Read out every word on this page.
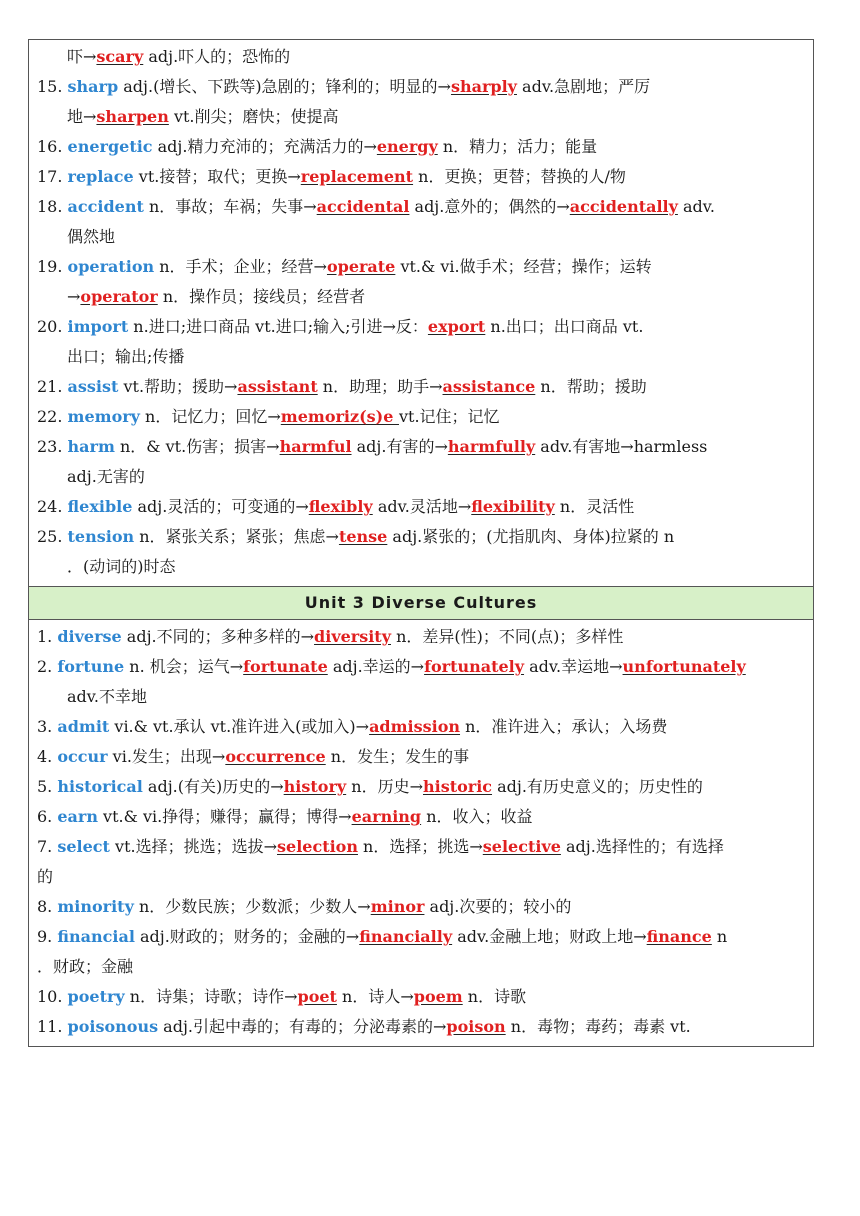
吓→scary adj.吓人的；恐怖的
15. sharp adj.(增长、下跌等)急剧的；锋利的；明显的→sharply adv.急剧地；严厉
地→sharpen vt.削尖；磨快；使提高
16. energetic adj.精力充沛的；充满活力的→energy n．精力；活力；能量
17. replace vt.接替；取代；更换→replacement n．更换；更替；替换的人/物
18. accident n．事故；车祸；失事→accidental adj.意外的；偶然的→accidentally adv.
偶然地
19. operation n．手术；企业；经营→operate vt.& vi.做手术；经营；操作；运转
→operator n．操作员；接线员；经营者
20. import n.进口;进口商品 vt.进口;输入;引进→反：export n.出口；出口商品 vt.
出口；输出;传播
21. assist vt.帮助；援助→assistant n．助理；助手→assistance n．帮助；援助
22. memory n．记忆力；回忆→memoriz(s)e vt.记住；记忆
23. harm n．& vt.伤害；损害→harmful adj.有害的→harmfully adv.有害地→harmless
adj.无害的
24. flexible adj.灵活的；可变通的→flexibly adv.灵活地→flexibility n．灵活性
25. tension n．紧张关系；紧张；焦虑→tense adj.紧张的；(尤指肌肉、身体)拉紧的 n
．(动词的)时态
Unit 3 Diverse Cultures
1. diverse adj.不同的；多种多样的→diversity n．差异(性)；不同(点)；多样性
2. fortune n. 机会；运气→fortunate adj.幸运的→fortunately adv.幸运地→unfortunately
adv.不幸地
3. admit vi.& vt.承认 vt.准许进入(或加入)→admission n．准许进入；承认；入场费
4. occur vi.发生；出现→occurrence n．发生；发生的事
5. historical adj.(有关)历史的→history n．历史→historic adj.有历史意义的；历史性的
6. earn vt.& vi.挣得；赚得；赢得；博得→earning n．收入；收益
7. select vt.选择；挑选；选拔→selection n．选择；挑选→selective adj.选择性的；有选择
的
8. minority n．少数民族；少数派；少数人→minor adj.次要的；较小的
9. financial adj.财政的；财务的；金融的→financially adv.金融上地；财政上地→finance n
．财政；金融
10. poetry n．诗集；诗歌；诗作→poet n．诗人→poem n．诗歌
11. poisonous adj.引起中毒的；有毒的；分泌毒素的→poison n．毒物；毒药；毒素 vt.
